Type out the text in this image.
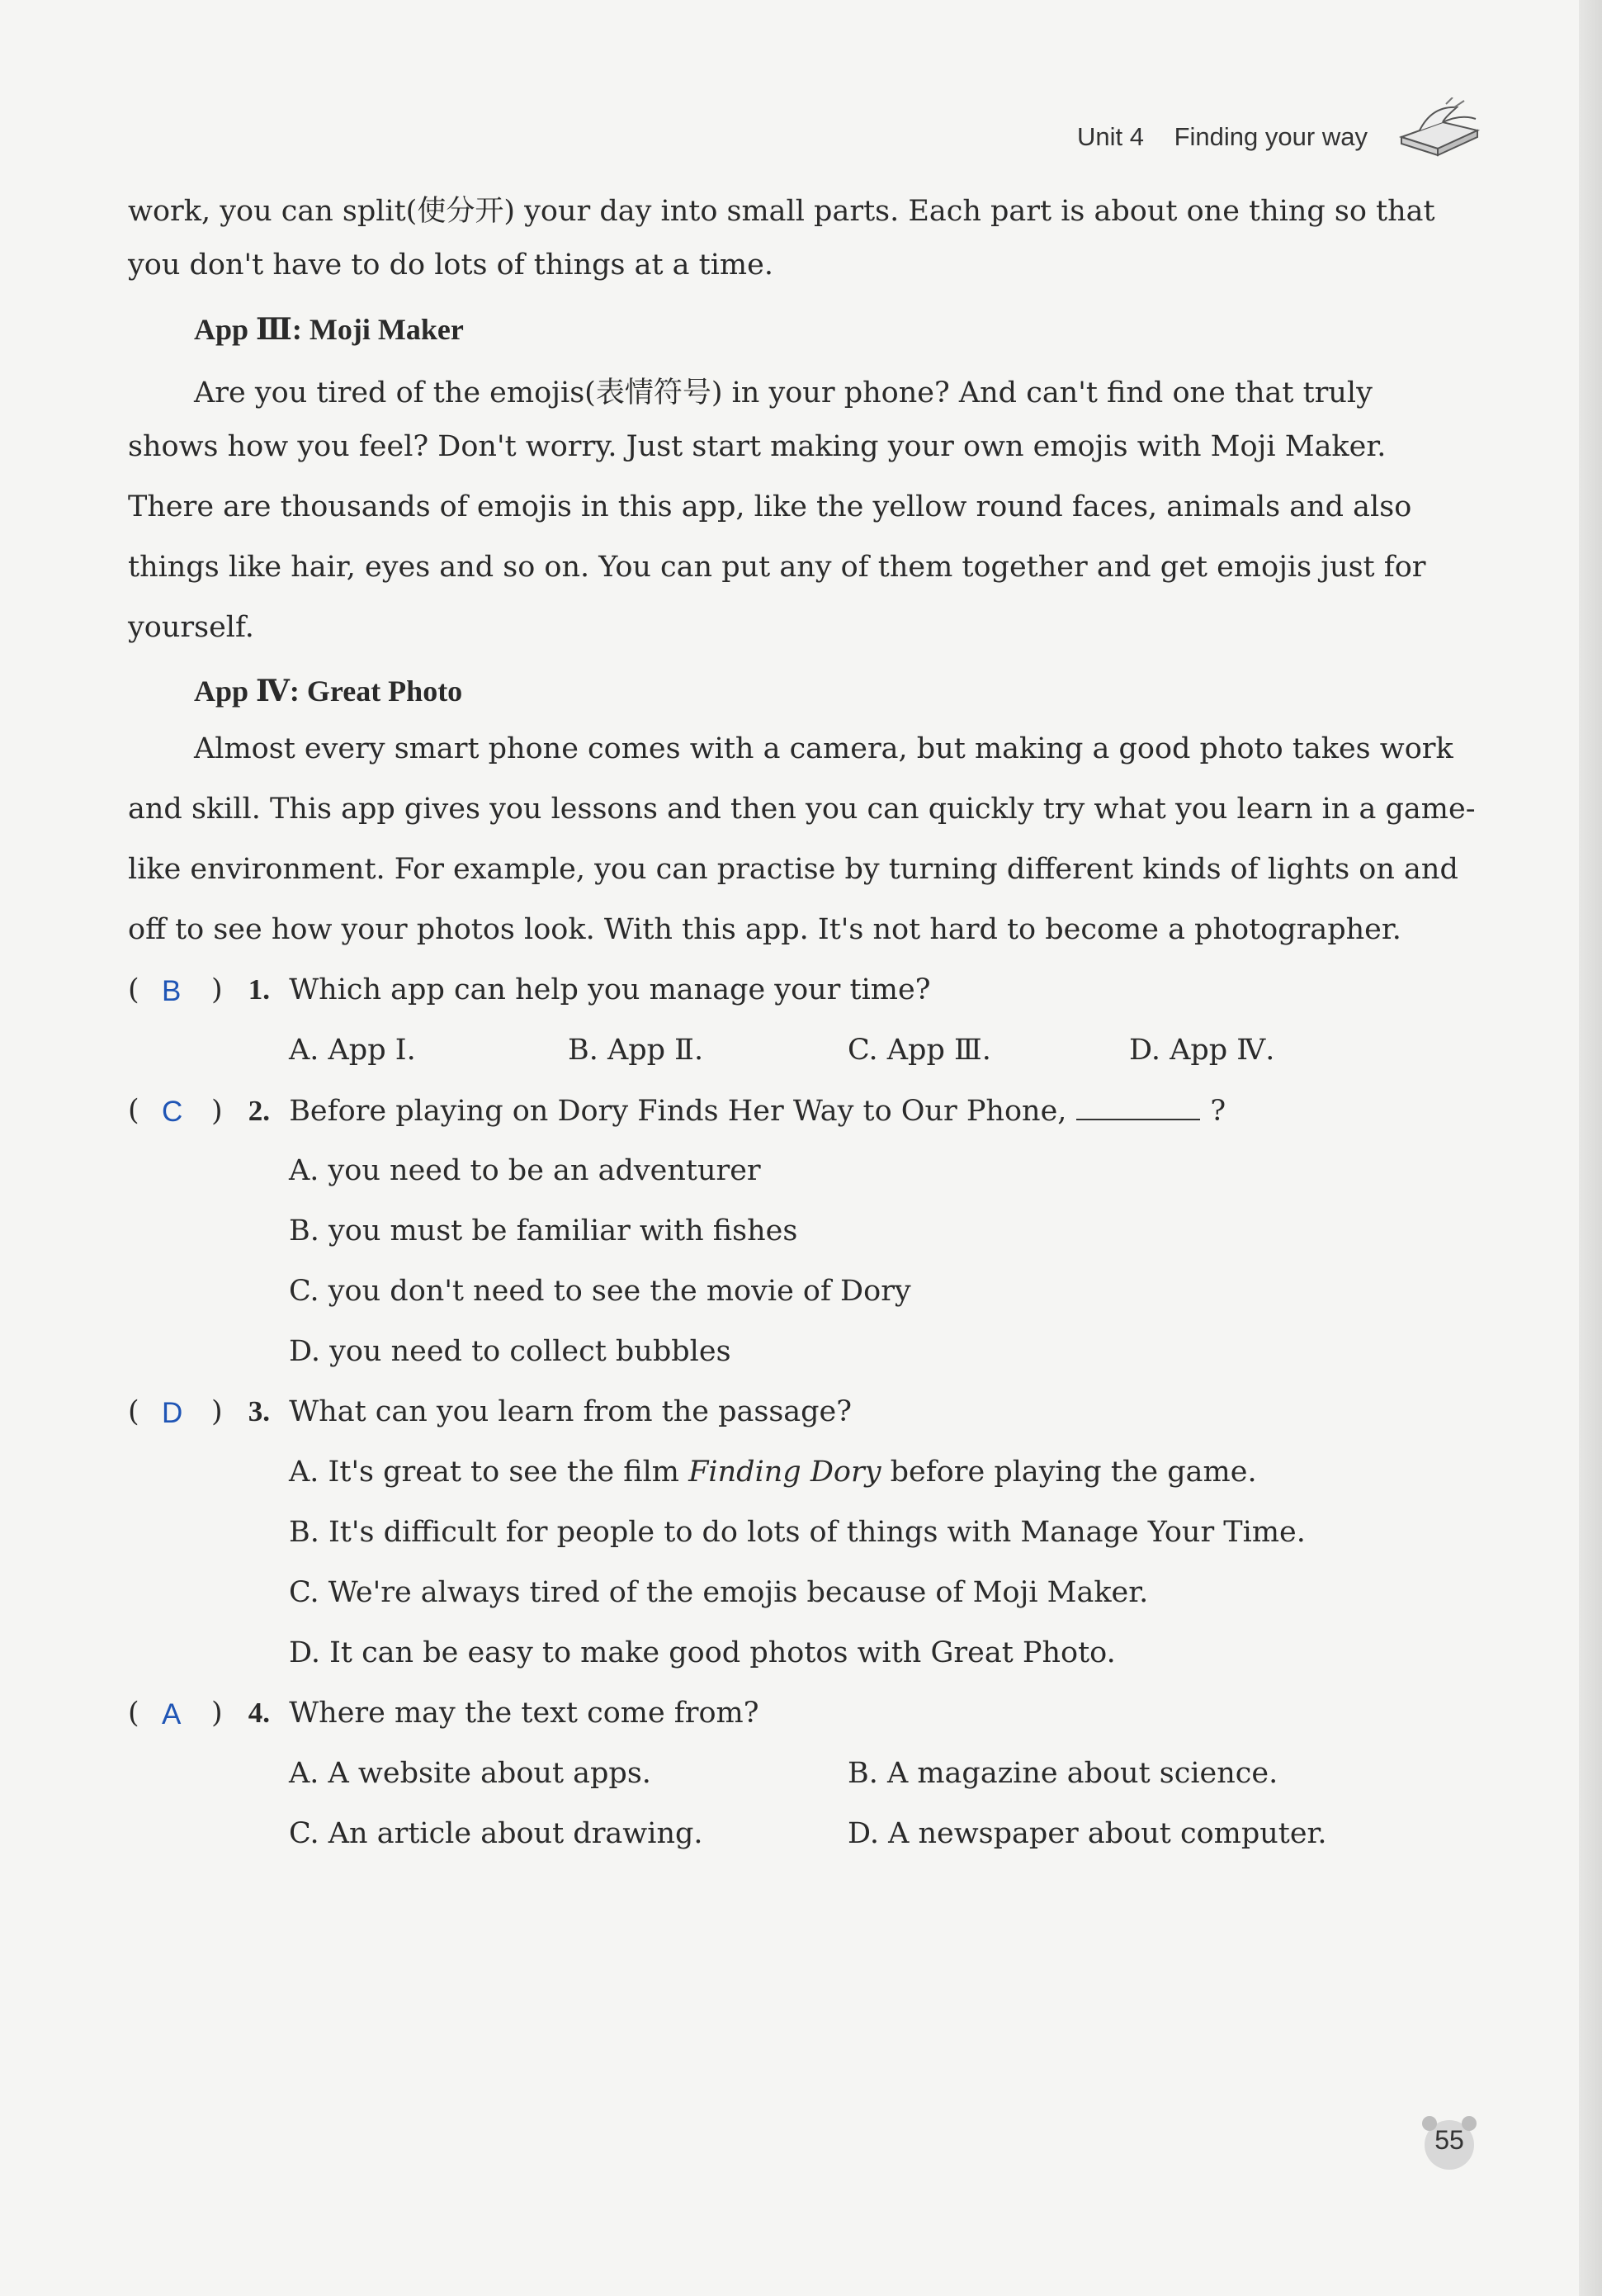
Unit 4 Finding your way
work, you can split(使分开) your day into small parts. Each part is about one thing so that
you don't have to do lots of things at a time.
App Ⅲ: Moji Maker
Are you tired of the emojis(表情符号) in your phone? And can't find one that truly
shows how you feel? Don't worry. Just start making your own emojis with Moji Maker.
There are thousands of emojis in this app, like the yellow round faces, animals and also
things like hair, eyes and so on. You can put any of them together and get emojis just for
yourself.
App Ⅳ: Great Photo
Almost every smart phone comes with a camera, but making a good photo takes work
and skill. This app gives you lessons and then you can quickly try what you learn in a game-
like environment. For example, you can practise by turning different kinds of lights on and
off to see how your photos look. With this app. It's not hard to become a photographer.
( B ) 1. Which app can help you manage your time?
A. App Ⅰ.	B. App Ⅱ.	C. App Ⅲ.	D. App Ⅳ.
( C ) 2. Before playing on Dory Finds Her Way to Our Phone,	?
A. you need to be an adventurer
B. you must be familiar with fishes
C. you don't need to see the movie of Dory
D. you need to collect bubbles
( D ) 3. What can you learn from the passage?
A. It's great to see the film Finding Dory before playing the game.
B. It's difficult for people to do lots of things with Manage Your Time.
C. We're always tired of the emojis because of Moji Maker.
D. It can be easy to make good photos with Great Photo.
( A ) 4. Where may the text come from?
A. A website about apps.	B. A magazine about science.
C. An article about drawing.	D. A newspaper about computer.
55
